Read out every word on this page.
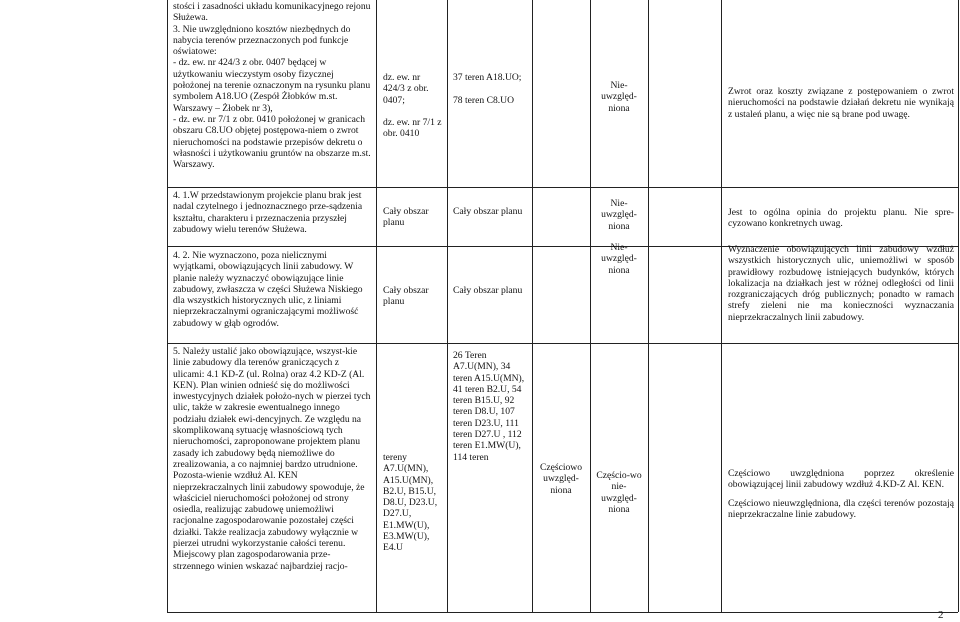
stości i zasadności układu komunikacyjnego rejonu Służewa.
3. Nie uwzględniono kosztów niezbędnych do nabycia terenów przeznaczonych pod funkcje oświatowe:
- dz. ew. nr 424/3 z obr. 0407 będącej w użytkowaniu wieczystym osoby fizycznej położonej na terenie oznaczonym na rysunku planu symbolem A18.UO (Zespół Żłobków m.st. Warszawy – Żłobek nr 3),
- dz. ew. nr 7/1 z obr. 0410 położonej w granicach obszaru C8.UO objętej postępowa-niem o zwrot nieruchomości na podstawie przepisów dekretu o własności i użytkowaniu gruntów na obszarze m.st. Warszawy.
4. 1.W przedstawionym projekcie planu brak jest nadal czytelnego i jednoznacznego prze-sądzenia kształtu, charakteru i przeznaczenia przyszłej zabudowy wielu terenów Służewa.
4. 2. Nie wyznaczono, poza nielicznymi wyjątkami, obowiązujących linii zabudowy. W planie należy wyznaczyć obowiązujące linie zabudowy, zwłaszcza w części Służewa Niskiego dla wszystkich historycznych ulic, z liniami nieprzekraczalnymi ograniczającymi możliwość zabudowy w głąb ogrodów.
5. Należy ustalić jako obowiązujące, wszyst-kie linie zabudowy dla terenów graniczących z ulicami: 4.1 KD-Z (ul. Rolna) oraz 4.2 KD-Z (Al. KEN). Plan winien odnieść się do możliwości inwestycyjnych działek położo-nych w pierzei tych ulic, także w zakresie ewentualnego innego podziału działek ewi-dencyjnych. Ze względu na skomplikowaną sytuację własnościową tych nieruchomości, zaproponowane projektem planu zasady ich zabudowy będą niemożliwe do zrealizowania, a co najmniej bardzo utrudnione. Pozosta-wienie wzdłuż Al. KEN nieprzekraczalnych linii zabudowy spowoduje, że właściciel nieruchomości położonej od strony osiedla, realizując zabudowę uniemożliwi racjonalne zagospodarowanie pozostałej części działki. Także realizacja zabudowy wyłącznie w pierzei utrudni wykorzystanie całości terenu. Miejscowy plan zagospodarowania prze-strzennego winien wskazać najbardziej racjo-
dz. ew. nr 424/3 z obr. 0407;

dz. ew. nr 7/1 z obr. 0410
Cały obszar planu
Cały obszar planu
tereny A7.U(MN), A15.U(MN), B2.U, B15.U, D8.U, D23.U, D27.U, E1.MW(U), E3.MW(U), E4.U
37 teren A18.UO;

78 teren C8.UO
Cały obszar planu
Cały obszar planu
26 Teren A7.U(MN), 34 teren A15.U(MN), 41 teren B2.U, 54 teren B15.U, 92 teren D8.U, 107 teren D23.U, 111 teren D27.U , 112 teren E1.MW(U), 114 teren
Częściowo uwzględ-niona
Nie-uwzględ-niona
Nie-uwzględ-niona
Nie-uwzględ-niona
Częścio-wo nie-uwzględ-niona
Zwrot oraz koszty związane z postępowaniem o zwrot nieruchomości na podstawie działań dekretu nie wynikają z ustaleń planu, a więc nie są brane pod uwagę.
Jest to ogólna opinia do projektu planu. Nie spre-cyzowano konkretnych uwag.
Wyznaczenie obowiązujących linii zabudowy wzdłuż wszystkich historycznych ulic, uniemożliwi w sposób prawidłowy rozbudowę istniejących budynków, których lokalizacja na działkach jest w różnej odległości od linii rozgraniczających dróg publicznych; ponadto w ramach strefy zieleni nie ma konieczności wyznaczania nieprzekraczalnych linii zabudowy.
Częściowo uwzględniona poprzez określenie obowiązującej linii zabudowy wzdłuż 4.KD-Z Al. KEN.
Częściowo nieuwzględniona, dla części terenów pozostają nieprzekraczalne linie zabudowy.
2
